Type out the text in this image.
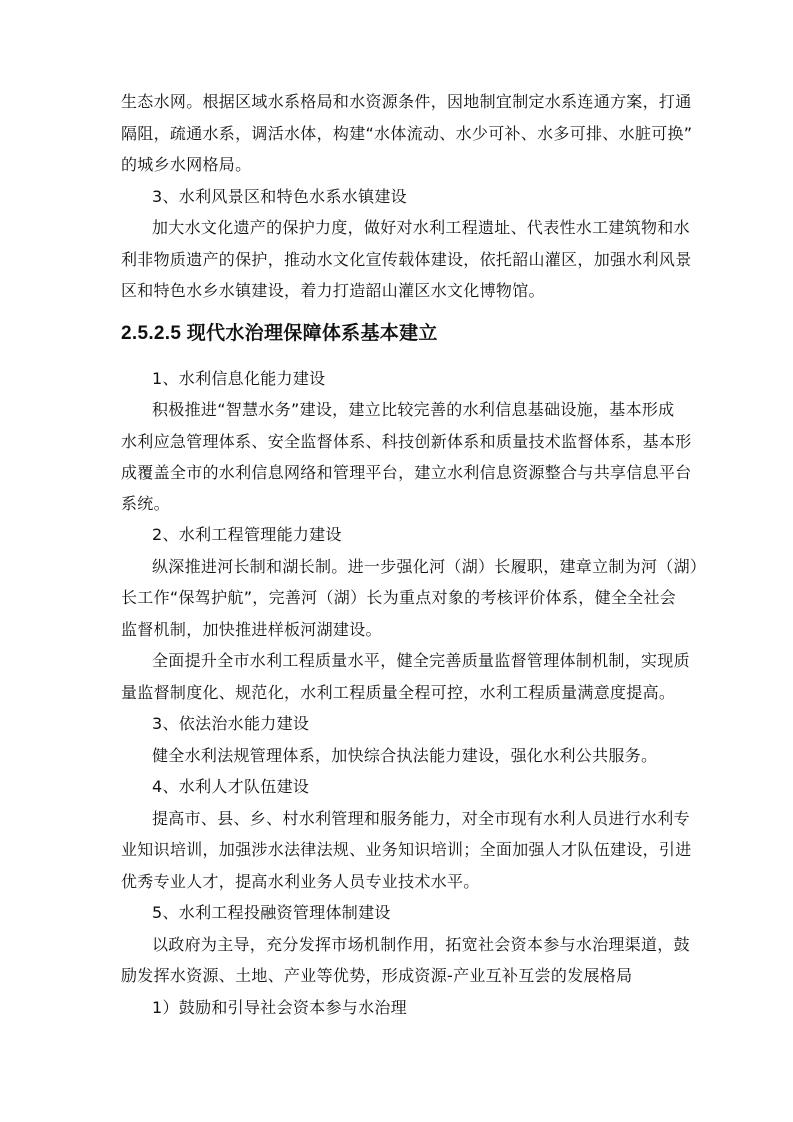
生态水网。根据区域水系格局和水资源条件，因地制宜制定水系连通方案，打通
隔阻，疏通水系，调活水体，构建“水体流动、水少可补、水多可排、水脏可换”
的城乡水网格局。
3、水利风景区和特色水系水镇建设
加大水文化遗产的保护力度，做好对水利工程遗址、代表性水工建筑物和水
利非物质遗产的保护，推动水文化宣传载体建设，依托韶山灌区，加强水利风景
区和特色水乡水镇建设，着力打造韶山灌区水文化博物馆。
2.5.2.5 现代水治理保障体系基本建立
1、水利信息化能力建设
积极推进“智慧水务”建设，建立比较完善的水利信息基础设施，基本形成
水利应急管理体系、安全监督体系、科技创新体系和质量技术监督体系，基本形
成覆盖全市的水利信息网络和管理平台，建立水利信息资源整合与共享信息平台
系统。
2、水利工程管理能力建设
纵深推进河长制和湖长制。进一步强化河（湖）长履职，建章立制为河（湖）
长工作“保驾护航”，完善河（湖）长为重点对象的考核评价体系，健全全社会
监督机制，加快推进样板河湖建设。
全面提升全市水利工程质量水平，健全完善质量监督管理体制机制，实现质
量监督制度化、规范化，水利工程质量全程可控，水利工程质量满意度提高。
3、依法治水能力建设
健全水利法规管理体系，加快综合执法能力建设，强化水利公共服务。
4、水利人才队伍建设
提高市、县、乡、村水利管理和服务能力，对全市现有水利人员进行水利专
业知识培训，加强涉水法律法规、业务知识培训；全面加强人才队伍建设，引进
优秀专业人才，提高水利业务人员专业技术水平。
5、水利工程投融资管理体制建设
以政府为主导，充分发挥市场机制作用，拓宽社会资本参与水治理渠道，鼓
励发挥水资源、土地、产业等优势，形成资源-产业互补互尝的发展格局
1）鼓励和引导社会资本参与水治理
